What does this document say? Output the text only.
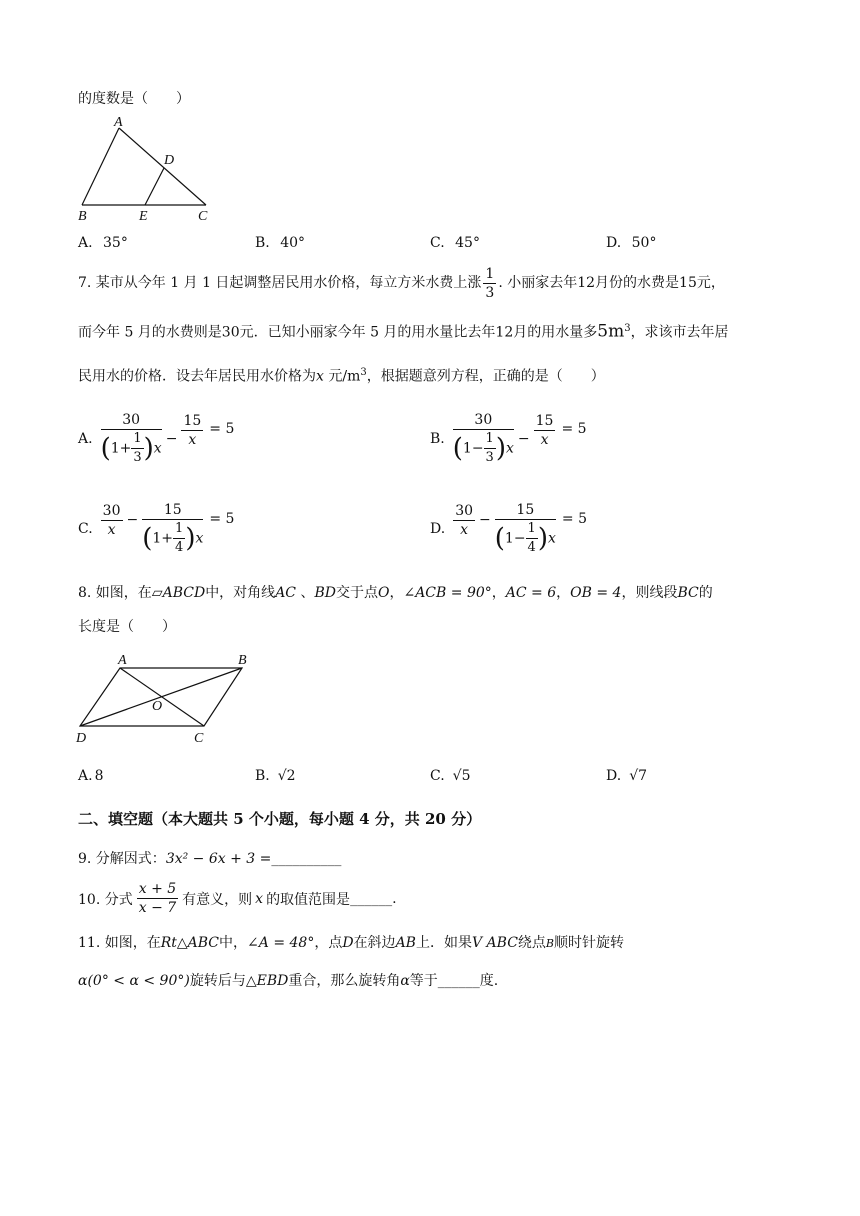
的度数是（　　）
A
D
B	E	C
A. 35°	B. 40°	C. 45°	D. 50°
7. 某市从今年 1 月 1 日起调整居民用水价格，每立方米水费上涨 $\frac{1}{3}$ . 小丽家去年12月份的水费是15元，
而今年 5 月的水费则是30元．已知小丽家今年 5 月的用水量比去年12月的用水量多$5m^3$，求该市去年居
民用水的价格．设去年居民用水价格为x 元$/m^3$，根据题意列方程，正确的是（　　）
A. $\frac{30}{(1+ \frac{1}{3} )x} - \frac{15}{x} = 5$
B. $\frac{30}{(1- \frac{1}{3} )x} - \frac{15}{x} = 5$
C. $\frac{30}{x} - \frac{15}{(1+ \frac{1}{4} )x} = 5$
D. $\frac{30}{x} - \frac{15}{(1- \frac{1}{4} )x} = 5$
8. 如图，在▱ABCD中，对角线AC 、BD交于点O，∠ACB = 90°，AC = 6，OB = 4，则线段BC的
长度是（　　）
A	B
O
D	C
A. 8	B. √2	C. √5	D. √7
二、填空题（本大题共 5 个小题，每小题 4 分，共 20 分）
9. 分解因式：3x² − 6x + 3 =__________
10. 分式 $\frac{x + 5}{x - 7}$ 有意义，则 x 的取值范围是 ______ .
11. 如图，在Rt△ABC中，∠A = 48°，点D在斜边AB上．如果V ABC绕点B顺时针旋转
α(0° < α < 90°)旋转后与△EBD重合，那么旋转角α等于______度.
